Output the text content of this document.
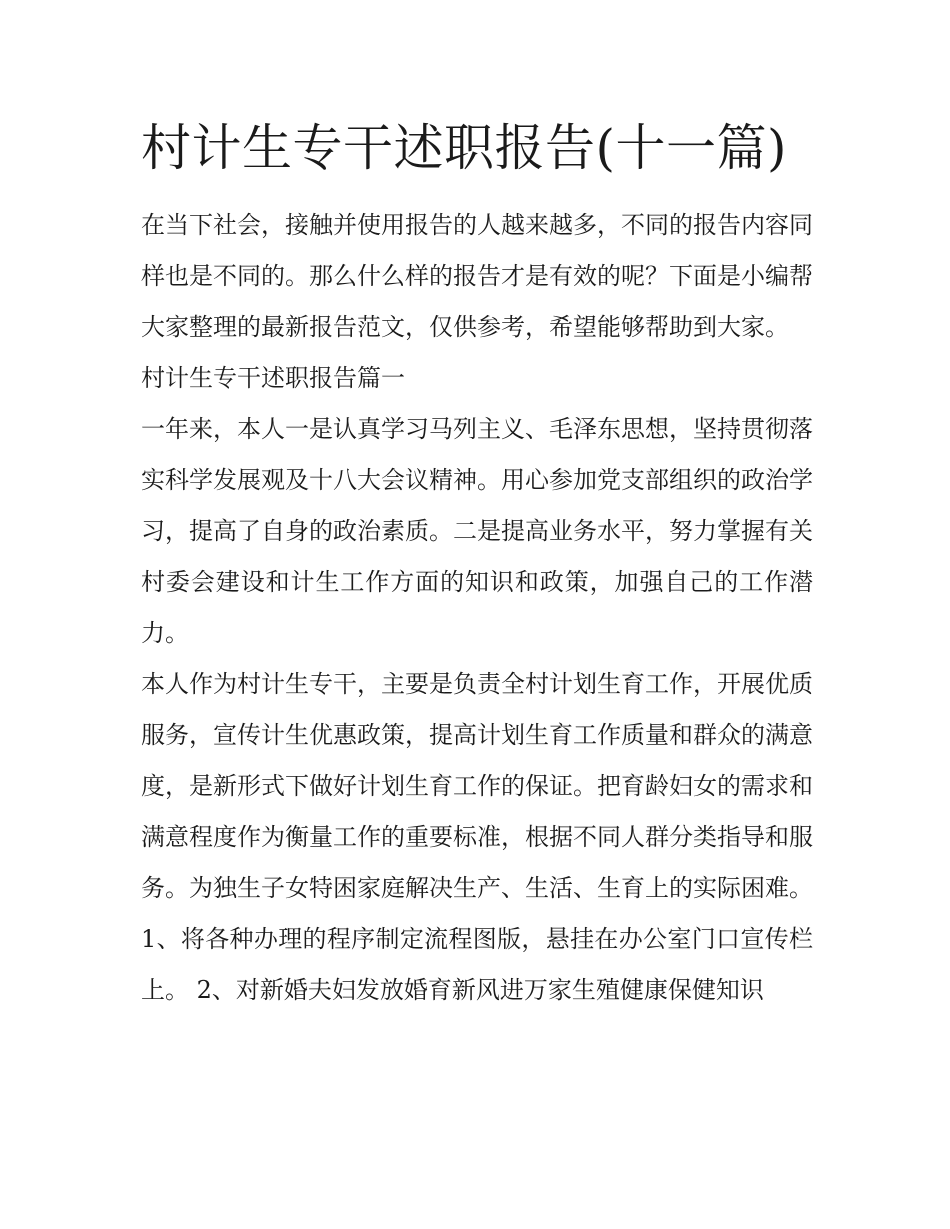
村计生专干述职报告(十一篇)

在当下社会，接触并使用报告的人越来越多，不同的报告内容同样也是不同的。那么什么样的报告才是有效的呢？下面是小编帮大家整理的最新报告范文，仅供参考，希望能够帮助到大家。

村计生专干述职报告篇一

一年来，本人一是认真学习马列主义、毛泽东思想，坚持贯彻落实科学发展观及十八大会议精神。用心参加党支部组织的政治学习，提高了自身的政治素质。二是提高业务水平，努力掌握有关村委会建设和计生工作方面的知识和政策，加强自己的工作潜力。

本人作为村计生专干，主要是负责全村计划生育工作，开展优质服务，宣传计生优惠政策，提高计划生育工作质量和群众的满意度，是新形式下做好计划生育工作的保证。把育龄妇女的需求和满意程度作为衡量工作的重要标准，根据不同人群分类指导和服务。为独生子女特困家庭解决生产、生活、生育上的实际困难。

1、将各种办理的程序制定流程图版，悬挂在办公室门口宣传栏上。 2、对新婚夫妇发放婚育新风进万家生殖健康保健知识
